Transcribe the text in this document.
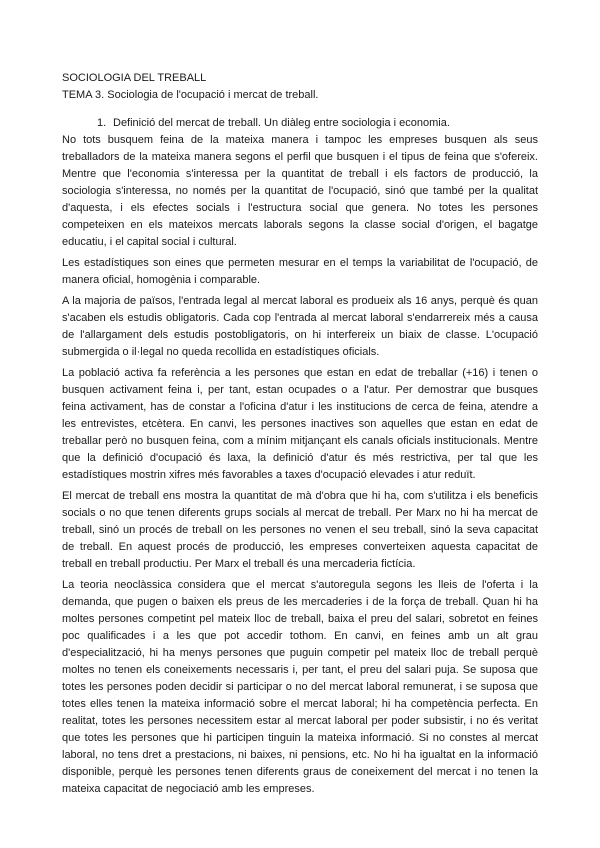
SOCIOLOGIA DEL TREBALL
TEMA 3. Sociologia de l'ocupació i mercat de treball.
1. Definició del mercat de treball. Un diàleg entre sociologia i economia.
No tots busquem feina de la mateixa manera i tampoc les empreses busquen als seus
treballadors de la mateixa manera segons el perfil que busquen i el tipus de feina que s'ofereix.
Mentre que l'economia s'interessa per la quantitat de treball i els factors de producció, la
sociologia s'interessa, no només per la quantitat de l'ocupació, sinó que també per la qualitat
d'aquesta, i els efectes socials i l'estructura social que genera. No totes les persones
competeixen en els mateixos mercats laborals segons la classe social d'origen, el bagatge
educatiu, i el capital social i cultural.
Les estadístiques son eines que permeten mesurar en el temps la variabilitat de l'ocupació, de
manera oficial, homogènia i comparable.
A la majoria de països, l'entrada legal al mercat laboral es produeix als 16 anys, perquè és quan
s'acaben els estudis obligatoris. Cada cop l'entrada al mercat laboral s'endarrereix més a causa
de l'allargament dels estudis postobligatoris, on hi interfereix un biaix de classe. L'ocupació
submergida o il·legal no queda recollida en estadístiques oficials.
La població activa fa referència a les persones que estan en edat de treballar (+16) i tenen o
busquen activament feina i, per tant, estan ocupades o a l'atur. Per demostrar que busques
feina activament, has de constar a l'oficina d'atur i les institucions de cerca de feina, atendre a
les entrevistes, etcètera. En canvi, les persones inactives son aquelles que estan en edat de
treballar però no busquen feina, com a mínim mitjançant els canals oficials institucionals. Mentre
que la definició d'ocupació és laxa, la definició d'atur és més restrictiva, per tal que les
estadístiques mostrin xifres més favorables a taxes d'ocupació elevades i atur reduït.
El mercat de treball ens mostra la quantitat de mà d'obra que hi ha, com s'utilitza i els beneficis
socials o no que tenen diferents grups socials al mercat de treball. Per Marx no hi ha mercat de
treball, sinó un procés de treball on les persones no venen el seu treball, sinó la seva capacitat
de treball. En aquest procés de producció, les empreses converteixen aquesta capacitat de
treball en treball productiu. Per Marx el treball és una mercaderia fictícia.
La teoria neoclàssica considera que el mercat s'autoregula segons les lleis de l'oferta i la
demanda, que pugen o baixen els preus de les mercaderies i de la força de treball. Quan hi ha
moltes persones competint pel mateix lloc de treball, baixa el preu del salari, sobretot en feines
poc qualificades i a les que pot accedir tothom. En canvi, en feines amb un alt grau
d'especialització, hi ha menys persones que puguin competir pel mateix lloc de treball perquè
moltes no tenen els coneixements necessaris i, per tant, el preu del salari puja. Se suposa que
totes les persones poden decidir si participar o no del mercat laboral remunerat, i se suposa que
totes elles tenen la mateixa informació sobre el mercat laboral; hi ha competència perfecta. En
realitat, totes les persones necessitem estar al mercat laboral per poder subsistir, i no és veritat
que totes les persones que hi participen tinguin la mateixa informació. Si no constes al mercat
laboral, no tens dret a prestacions, ni baixes, ni pensions, etc. No hi ha igualtat en la informació
disponible, perquè les persones tenen diferents graus de coneixement del mercat i no tenen la
mateixa capacitat de negociació amb les empreses.
